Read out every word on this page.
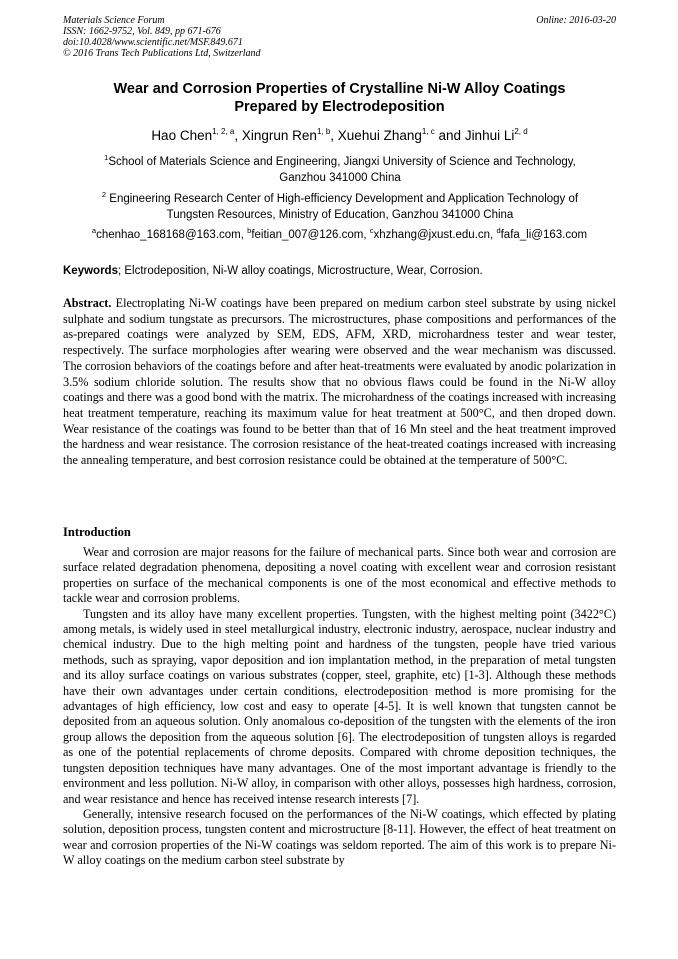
Materials Science Forum
ISSN: 1662-9752, Vol. 849, pp 671-676
doi:10.4028/www.scientific.net/MSF.849.671
© 2016 Trans Tech Publications Ltd, Switzerland
Online: 2016-03-20
Wear and Corrosion Properties of Crystalline Ni-W Alloy Coatings
Prepared by Electrodeposition
Hao Chen$^{1, 2, a}$, Xingrun Ren$^{1, b}$, Xuehui Zhang$^{1, c}$ and Jinhui Li$^{2, d}$
$^1$School of Materials Science and Engineering, Jiangxi University of Science and Technology,
Ganzhou 341000 China
$^2$ Engineering Research Center of High-efficiency Development and Application Technology of
Tungsten Resources, Ministry of Education, Ganzhou 341000 China
$^a$chenhao_168168@163.com, $^b$feitian_007@126.com, $^c$xhzhang@jxust.edu.cn, $^d$fafa_li@163.com
Keywords; Elctrodeposition, Ni-W alloy coatings, Microstructure, Wear, Corrosion.
Abstract. Electroplating Ni-W coatings have been prepared on medium carbon steel substrate by using nickel sulphate and sodium tungstate as precursors. The microstructures, phase compositions and performances of the as-prepared coatings were analyzed by SEM, EDS, AFM, XRD, microhardness tester and wear tester, respectively. The surface morphologies after wearing were observed and the wear mechanism was discussed. The corrosion behaviors of the coatings before and after heat-treatments were evaluated by anodic polarization in 3.5% sodium chloride solution. The results show that no obvious flaws could be found in the Ni-W alloy coatings and there was a good bond with the matrix. The microhardness of the coatings increased with increasing heat treatment temperature, reaching its maximum value for heat treatment at 500°C, and then droped down. Wear resistance of the coatings was found to be better than that of 16 Mn steel and the heat treatment improved the hardness and wear resistance. The corrosion resistance of the heat-treated coatings increased with increasing the annealing temperature, and best corrosion resistance could be obtained at the temperature of 500°C.
Introduction

Wear and corrosion are major reasons for the failure of mechanical parts. Since both wear and corrosion are surface related degradation phenomena, depositing a novel coating with excellent wear and corrosion resistant properties on surface of the mechanical components is one of the most economical and effective methods to tackle wear and corrosion problems.

Tungsten and its alloy have many excellent properties. Tungsten, with the highest melting point (3422°C) among metals, is widely used in steel metallurgical industry, electronic industry, aerospace, nuclear industry and chemical industry. Due to the high melting point and hardness of the tungsten, people have tried various methods, such as spraying, vapor deposition and ion implantation method, in the preparation of metal tungsten and its alloy surface coatings on various substrates (copper, steel, graphite, etc) [1-3]. Although these methods have their own advantages under certain conditions, electrodeposition method is more promising for the advantages of high efficiency, low cost and easy to operate [4-5]. It is well known that tungsten cannot be deposited from an aqueous solution. Only anomalous co-deposition of the tungsten with the elements of the iron group allows the deposition from the aqueous solution [6]. The electrodeposition of tungsten alloys is regarded as one of the potential replacements of chrome deposits. Compared with chrome deposition techniques, the tungsten deposition techniques have many advantages. One of the most important advantage is friendly to the environment and less pollution. Ni-W alloy, in comparison with other alloys, possesses high hardness, corrosion, and wear resistance and hence has received intense research interests [7].

Generally, intensive research focused on the performances of the Ni-W coatings, which effected by plating solution, deposition process, tungsten content and microstructure [8-11]. However, the effect of heat treatment on wear and corrosion properties of the Ni-W coatings was seldom reported. The aim of this work is to prepare Ni-W alloy coatings on the medium carbon steel substrate by
